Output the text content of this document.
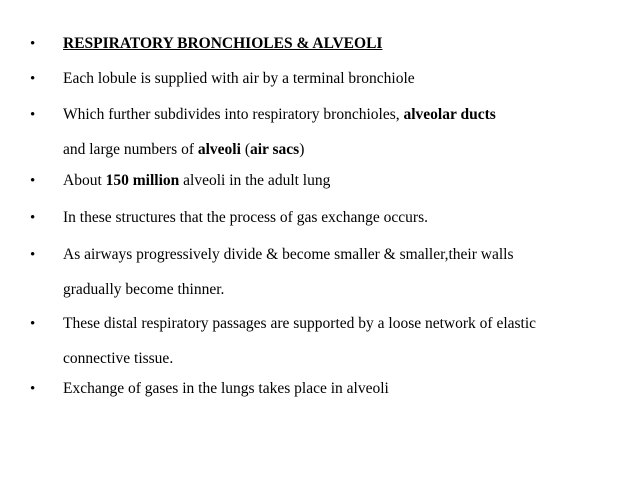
• RESPIRATORY BRONCHIOLES & ALVEOLI
• Each lobule is supplied with air by a terminal bronchiole
• Which further subdivides into respiratory bronchioles, alveolar ducts
and large numbers of alveoli (air sacs)
• About 150 million alveoli in the adult lung
• In these structures that the process of gas exchange occurs.
• As airways progressively divide & become smaller & smaller,their walls
gradually become thinner.
• These distal respiratory passages are supported by a loose network of elastic
connective tissue.
• Exchange of gases in the lungs takes place in alveoli
